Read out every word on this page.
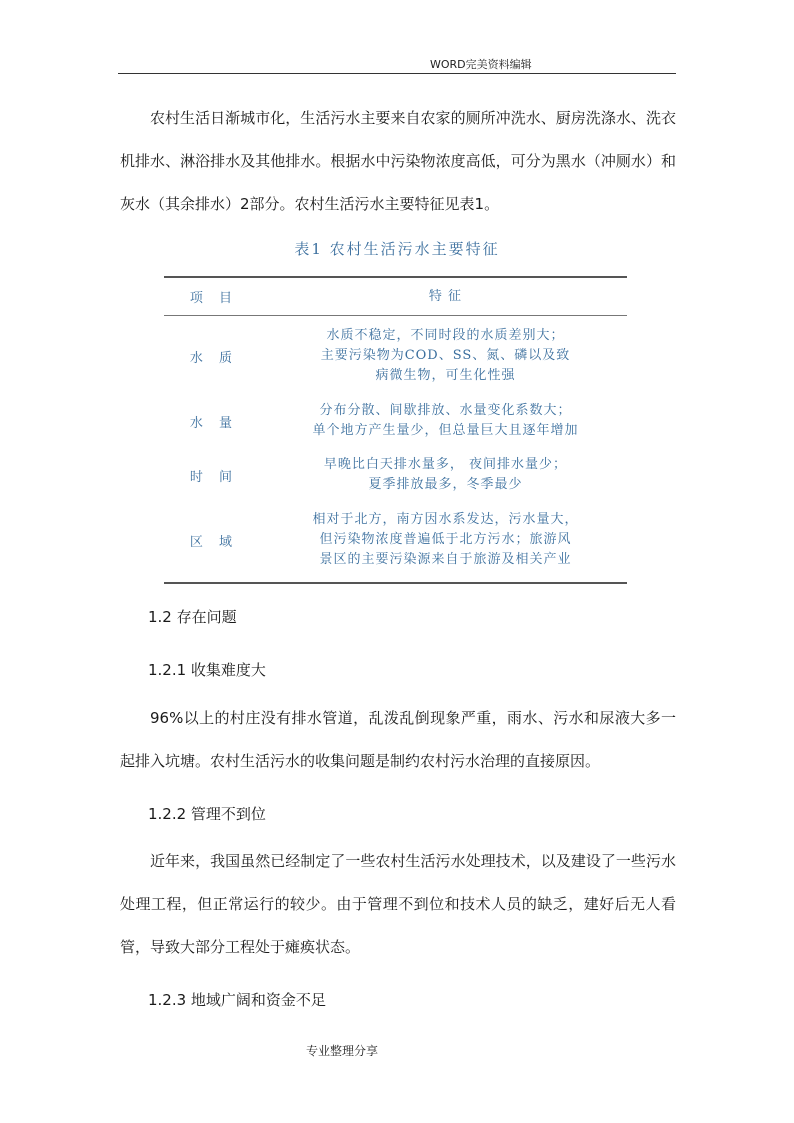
WORD完美资料编辑

农村生活日渐城市化，生活污水主要来自农家的厕所冲洗水、厨房洗涤水、洗衣机排水、淋浴排水及其他排水。根据水中污染物浓度高低，可分为黑水（冲厕水）和灰水（其余排水）2部分。农村生活污水主要特征见表1。

表1 农村生活污水主要特征
项 目	特 征
水 质
水质不稳定，不同时段的水质差别大；
主要污染物为COD、SS、氮、磷以及致
病微生物，可生化性强
水 量
分布分散、间歇排放、水量变化系数大；
单个地方产生量少，但总量巨大且逐年增加
时 间
早晚比白天排水量多， 夜间排水量少；
夏季排放最多，冬季最少
区 域
相对于北方，南方因水系发达，污水量大，
但污染物浓度普遍低于北方污水；旅游风
景区的主要污染源来自于旅游及相关产业
1.2 存在问题
1.2.1 收集难度大

96%以上的村庄没有排水管道，乱泼乱倒现象严重，雨水、污水和尿液大多一起排入坑塘。农村生活污水的收集问题是制约农村污水治理的直接原因。

1.2.2 管理不到位

近年来，我国虽然已经制定了一些农村生活污水处理技术，以及建设了一些污水处理工程，但正常运行的较少。由于管理不到位和技术人员的缺乏，建好后无人看管，导致大部分工程处于瘫痪状态。

1.2.3 地域广阔和资金不足
专业整理分享
